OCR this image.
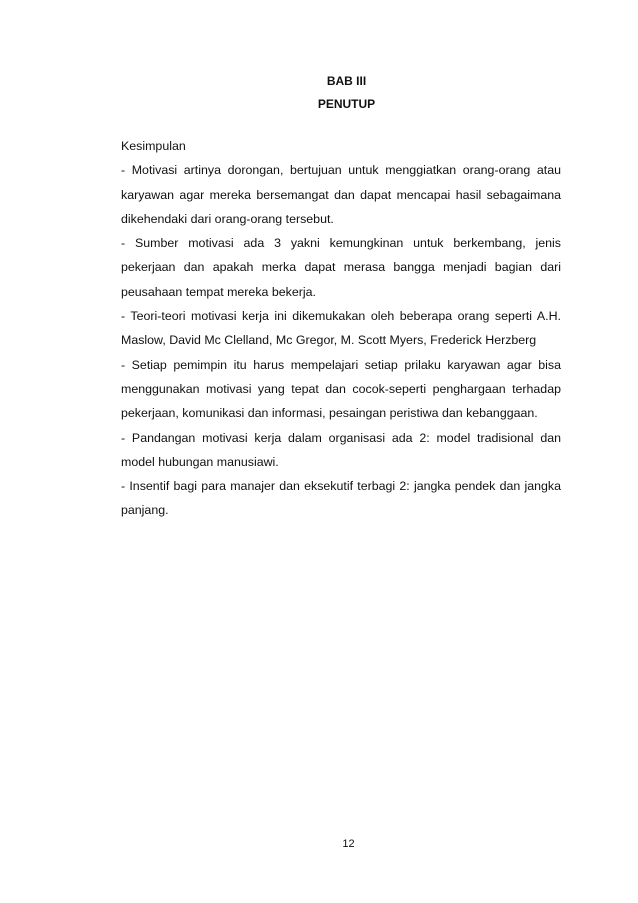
BAB III
PENUTUP

Kesimpulan

- Motivasi artinya dorongan, bertujuan untuk menggiatkan orang-orang atau karyawan agar mereka bersemangat dan dapat mencapai hasil sebagaimana dikehendaki dari orang-orang tersebut.

- Sumber motivasi ada 3 yakni kemungkinan untuk berkembang, jenis pekerjaan dan apakah merka dapat merasa bangga menjadi bagian dari peusahaan tempat mereka bekerja.

- Teori-teori motivasi kerja ini dikemukakan oleh beberapa orang seperti A.H. Maslow, David Mc Clelland, Mc Gregor, M. Scott Myers, Frederick Herzberg

- Setiap pemimpin itu harus mempelajari setiap prilaku karyawan agar bisa menggunakan motivasi yang tepat dan cocok-seperti penghargaan terhadap pekerjaan, komunikasi dan informasi, pesaingan peristiwa dan kebanggaan.

- Pandangan motivasi kerja dalam organisasi ada 2: model tradisional dan model hubungan manusiawi.

- Insentif bagi para manajer dan eksekutif terbagi 2: jangka pendek dan jangka panjang.

12
